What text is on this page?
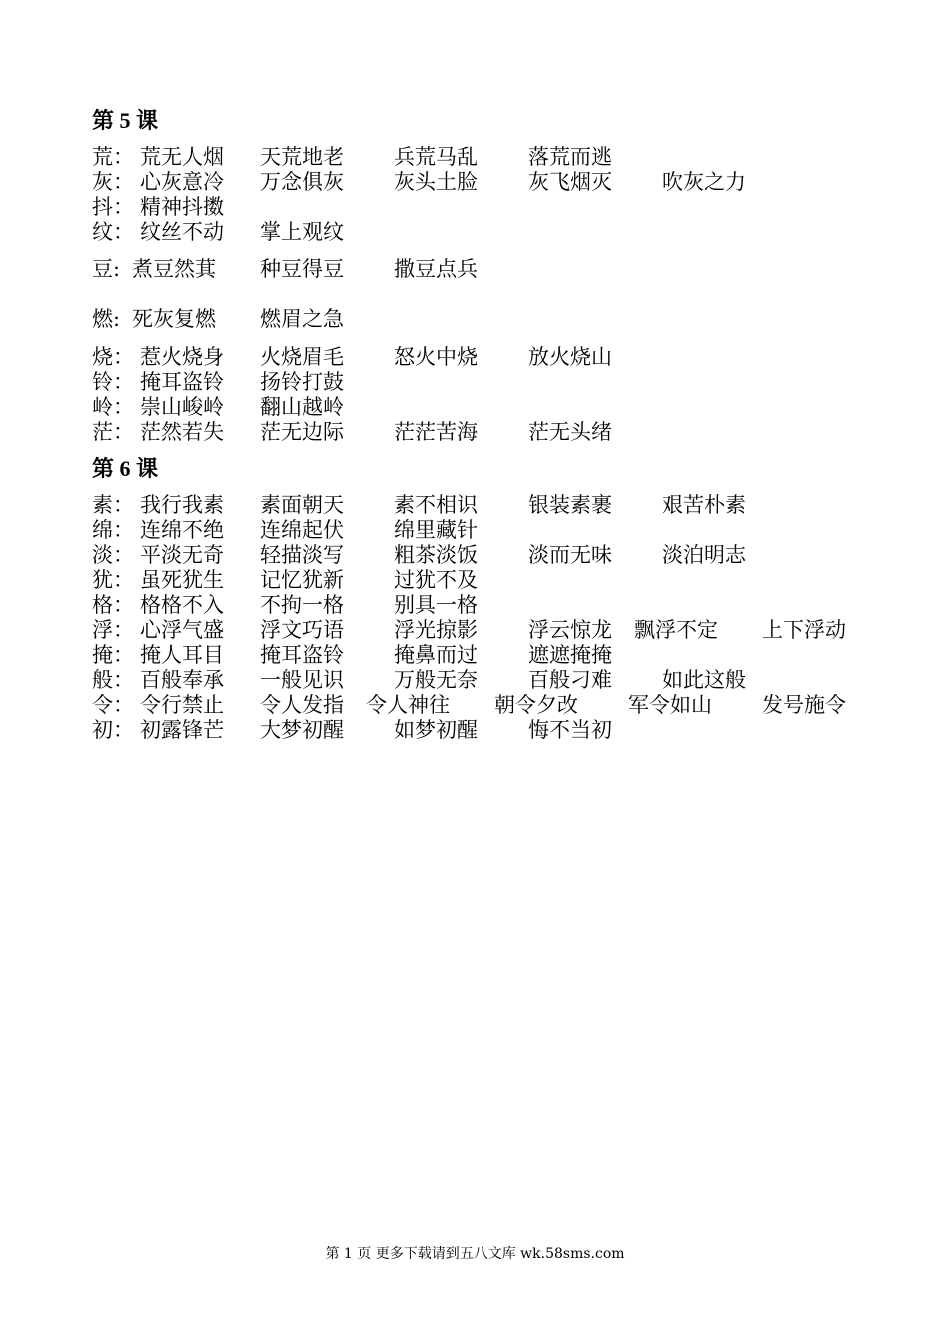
第 5 课
荒： 荒无人烟 天荒地老 兵荒马乱 落荒而逃
灰： 心灰意冷 万念俱灰 灰头土脸 灰飞烟灭 吹灰之力
抖： 精神抖擞
纹： 纹丝不动 掌上观纹
豆: 煮豆然萁 种豆得豆 撒豆点兵
燃: 死灰复燃 燃眉之急
烧： 惹火烧身 火烧眉毛 怒火中烧 放火烧山
铃： 掩耳盗铃 扬铃打鼓
岭： 崇山峻岭 翻山越岭
茫： 茫然若失 茫无边际 茫茫苦海 茫无头绪
第 6 课
素： 我行我素 素面朝天 素不相识 银装素裹 艰苦朴素
绵： 连绵不绝 连绵起伏 绵里藏针
淡： 平淡无奇 轻描淡写 粗茶淡饭 淡而无味 淡泊明志
犹： 虽死犹生 记忆犹新 过犹不及
格： 格格不入 不拘一格 别具一格
浮： 心浮气盛 浮文巧语 浮光掠影 浮云惊龙 飘浮不定 上下浮动
掩： 掩人耳目 掩耳盗铃 掩鼻而过 遮遮掩掩
般： 百般奉承 一般见识 万般无奈 百般刁难 如此这般
令： 令行禁止 令人发指 令人神往 朝令夕改 军令如山 发号施令
初： 初露锋芒 大梦初醒 如梦初醒 悔不当初
第 1 页 更多下载请到五八文库 wk.58sms.com
